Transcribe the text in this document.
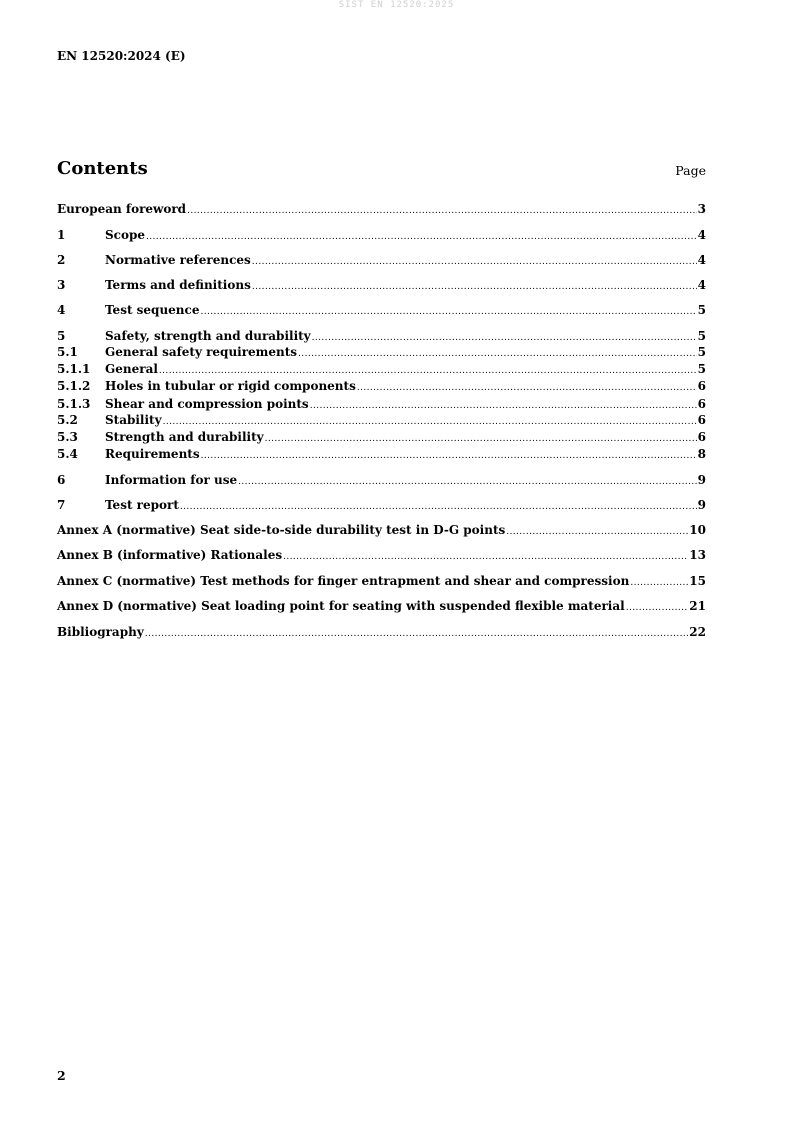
SIST EN 12520:2025
EN 12520:2024 (E)
Contents	Page
European foreword .....	3
1	Scope .....	4
2	Normative references .....	4
3	Terms and definitions .....	4
4	Test sequence .....	5
5	Safety, strength and durability .....	5
5.1	General safety requirements .....	5
5.1.1	General .....	5
5.1.2	Holes in tubular or rigid components .....	6
5.1.3	Shear and compression points .....	6
5.2	Stability .....	6
5.3	Strength and durability .....	6
5.4	Requirements .....	8
6	Information for use .....	9
7	Test report .....	9
Annex A (normative) Seat side-to-side durability test in D-G points .....	10
Annex B (informative) Rationales .....	13
Annex C (normative) Test methods for finger entrapment and shear and compression .....	15
Annex D (normative) Seat loading point for seating with suspended flexible material .....	21
Bibliography .....	22
2
